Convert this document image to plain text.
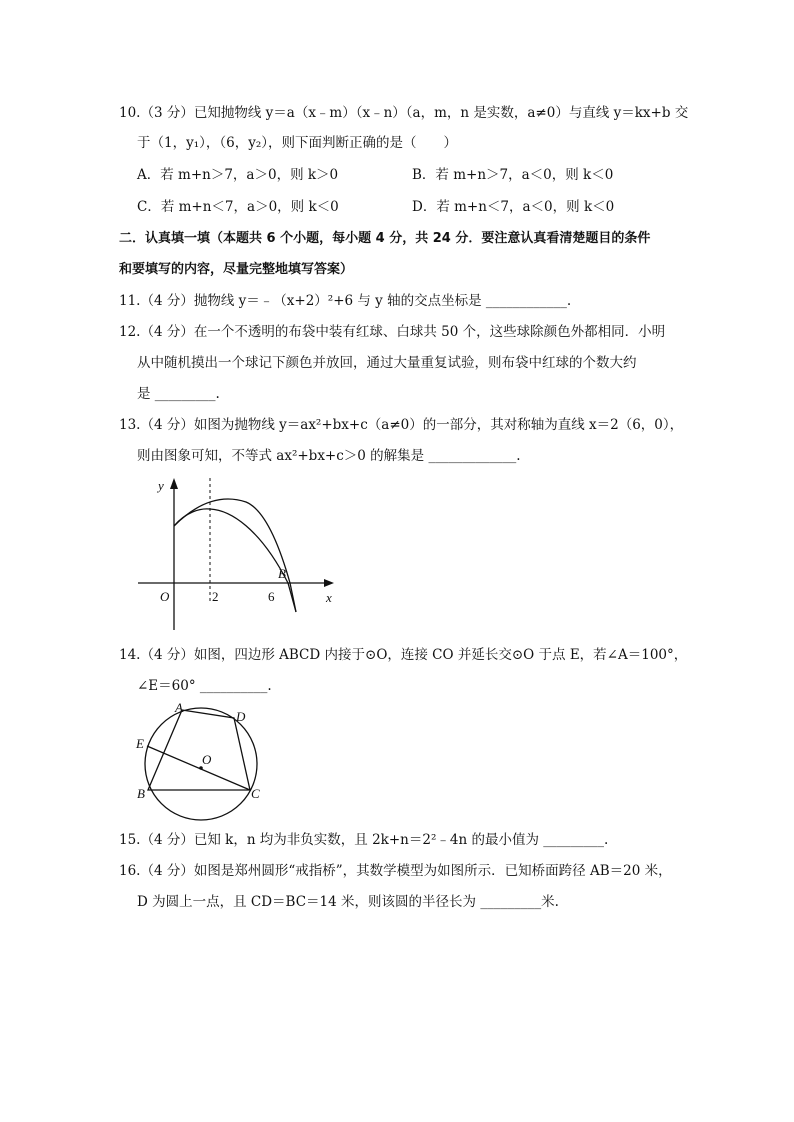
10.（3 分）已知抛物线 y＝a（x﹣m）（x﹣n）（a，m，n 是实数，a≠0）与直线 y＝kx+b 交
于（1，y₁），（6，y₂），则下面判断正确的是（　　）
A．若 m+n＞7，a＞0，则 k＞0	B．若 m+n＞7，a＜0，则 k＜0
C．若 m+n＜7，a＞0，则 k＜0	D．若 m+n＜7，a＜0，则 k＜0
二．认真填一填（本题共 6 个小题，每小题 4 分，共 24 分．要注意认真看清楚题目的条件
和要填写的内容，尽量完整地填写答案）
11.（4 分）抛物线 y＝﹣（x+2）²+6 与 y 轴的交点坐标是 ____________.
12.（4 分）在一个不透明的布袋中装有红球、白球共 50 个，这些球除颜色外都相同．小明
从中随机摸出一个球记下颜色并放回，通过大量重复试验，则布袋中红球的个数大约
是 _________.
13.（4 分）如图为抛物线 y＝ax²+bx+c（a≠0）的一部分，其对称轴为直线 x＝2（6，0），
则由图象可知，不等式 ax²+bx+c＞0 的解集是 _____________.
y
x
O	2	6
B
14.（4 分）如图，四边形 ABCD 内接于⊙O，连接 CO 并延长交⊙O 于点 E，若∠A＝100°，
∠E＝60° __________.
A
D
E
O
B	C
15.（4 分）已知 k，n 均为非负实数，且 2k+n＝2²﹣4n 的最小值为 _________.
16.（4 分）如图是郑州圆形“戒指桥”，其数学模型为如图所示．已知桥面跨径 AB＝20 米，
D 为圆上一点，且 CD＝BC＝14 米，则该圆的半径长为 _________米.
